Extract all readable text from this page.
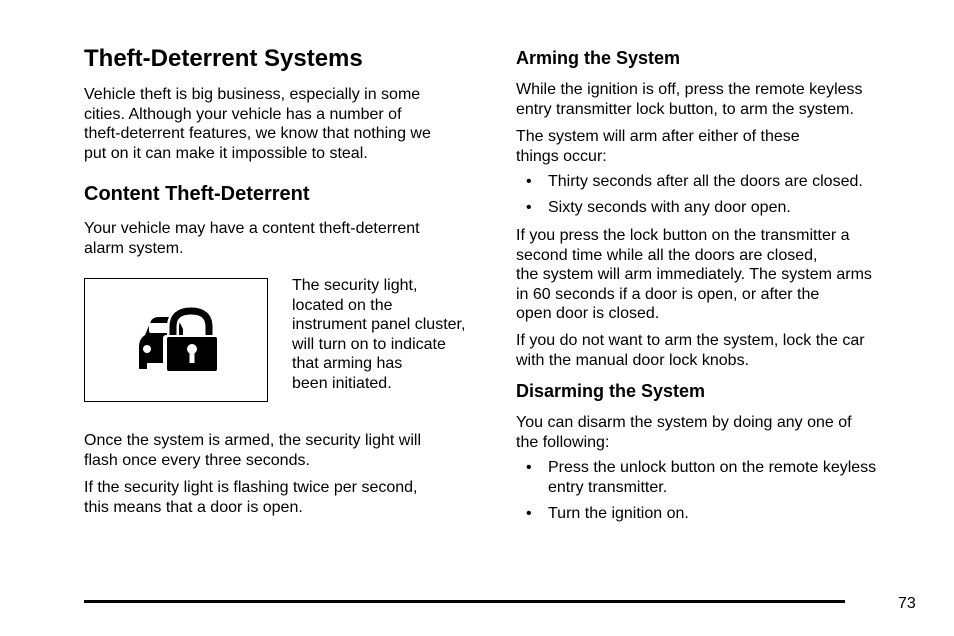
Theft-Deterrent Systems

Vehicle theft is big business, especially in some
cities. Although your vehicle has a number of
theft-deterrent features, we know that nothing we
put on it can make it impossible to steal.

Content Theft-Deterrent

Your vehicle may have a content theft-deterrent
alarm system.

The security light,
located on the
instrument panel cluster,
will turn on to indicate
that arming has
been initiated.

Once the system is armed, the security light will
flash once every three seconds.

If the security light is flashing twice per second,
this means that a door is open.

Arming the System

While the ignition is off, press the remote keyless
entry transmitter lock button, to arm the system.

The system will arm after either of these
things occur:

• Thirty seconds after all the doors are closed.

• Sixty seconds with any door open.

If you press the lock button on the transmitter a
second time while all the doors are closed,
the system will arm immediately. The system arms
in 60 seconds if a door is open, or after the
open door is closed.

If you do not want to arm the system, lock the car
with the manual door lock knobs.

Disarming the System

You can disarm the system by doing any one of
the following:

• Press the unlock button on the remote keyless
entry transmitter.

• Turn the ignition on.

73
